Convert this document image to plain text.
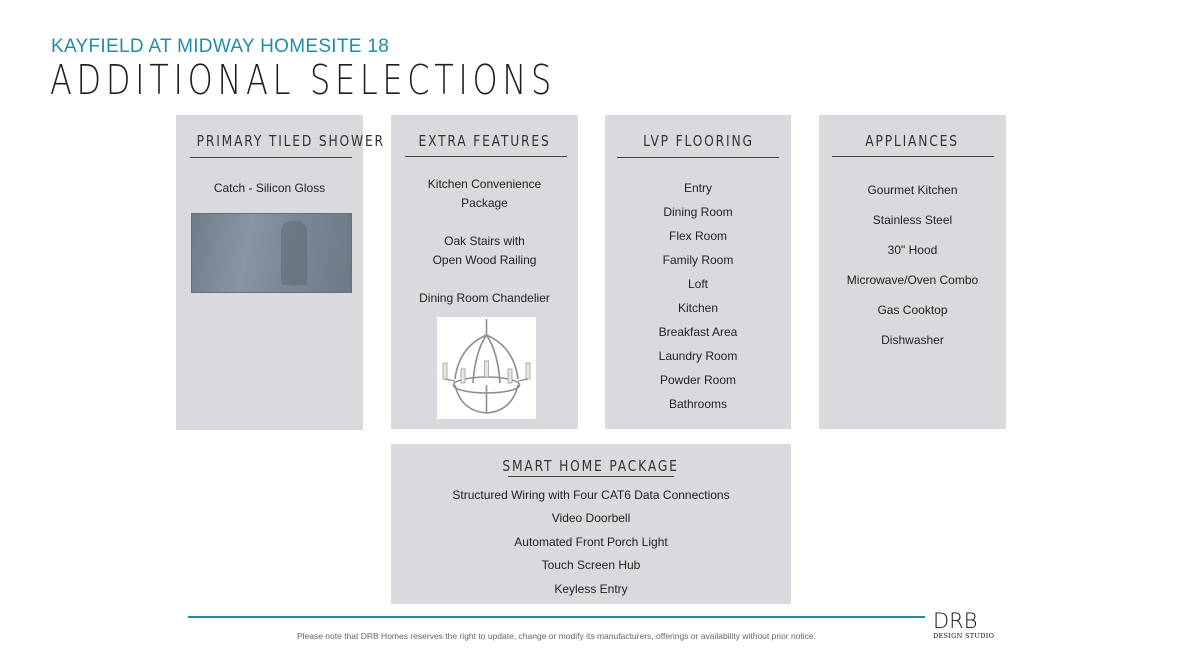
KAYFIELD AT MIDWAY HOMESITE 18
ADDITIONAL SELECTIONS
PRIMARY TILED SHOWER
Catch - Silicon Gloss
EXTRA FEATURES
Kitchen Convenience
Package
Oak Stairs with
Open Wood Railing
Dining Room Chandelier
LVP FLOORING
Entry
Dining Room
Flex Room
Family Room
Loft
Kitchen
Breakfast Area
Laundry Room
Powder Room
Bathrooms
APPLIANCES
Gourmet Kitchen
Stainless Steel
30" Hood
Microwave/Oven Combo
Gas Cooktop
Dishwasher
SMART HOME PACKAGE
Structured Wiring with Four CAT6 Data Connections
Video Doorbell
Automated Front Porch Light
Touch Screen Hub
Keyless Entry
Please note that DRB Homes reserves the right to update, change or modify its manufacturers, offerings or availability without prior notice.
DRB
DESIGN STUDIO
